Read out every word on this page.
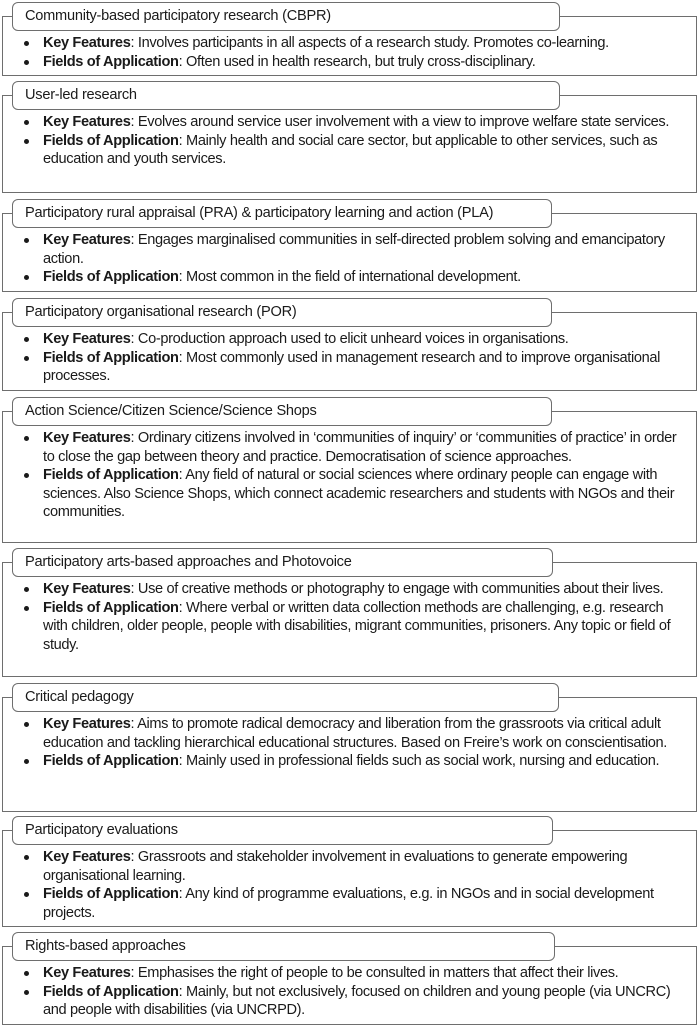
Community-based participatory research (CBPR)
Key Features: Involves participants in all aspects of a research study. Promotes co-learning.
Fields of Application: Often used in health research, but truly cross-disciplinary.
User-led research
Key Features: Evolves around service user involvement with a view to improve welfare state services.
Fields of Application: Mainly health and social care sector, but applicable to other services, such as education and youth services.
Participatory rural appraisal (PRA) & participatory learning and action (PLA)
Key Features: Engages marginalised communities in self-directed problem solving and emancipatory action.
Fields of Application: Most common in the field of international development.
Participatory organisational research (POR)
Key Features: Co-production approach used to elicit unheard voices in organisations.
Fields of Application: Most commonly used in management research and to improve organisational processes.
Action Science/Citizen Science/Science Shops
Key Features: Ordinary citizens involved in ‘communities of inquiry’ or ‘communities of practice’ in order to close the gap between theory and practice. Democratisation of science approaches.
Fields of Application: Any field of natural or social sciences where ordinary people can engage with sciences. Also Science Shops, which connect academic researchers and students with NGOs and their communities.
Participatory arts-based approaches and Photovoice
Key Features: Use of creative methods or photography to engage with communities about their lives.
Fields of Application: Where verbal or written data collection methods are challenging, e.g. research with children, older people, people with disabilities, migrant communities, prisoners. Any topic or field of study.
Critical pedagogy
Key Features: Aims to promote radical democracy and liberation from the grassroots via critical adult education and tackling hierarchical educational structures. Based on Freire’s work on conscientisation.
Fields of Application: Mainly used in professional fields such as social work, nursing and education.
Participatory evaluations
Key Features: Grassroots and stakeholder involvement in evaluations to generate empowering organisational learning.
Fields of Application: Any kind of programme evaluations, e.g. in NGOs and in social development projects.
Rights-based approaches
Key Features: Emphasises the right of people to be consulted in matters that affect their lives.
Fields of Application: Mainly, but not exclusively, focused on children and young people (via UNCRC) and people with disabilities (via UNCRPD).
